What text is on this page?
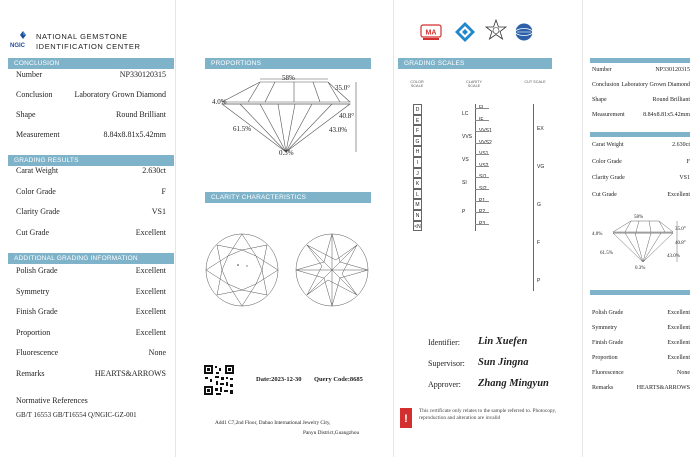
NGIC
NATIONAL GEMSTONE
IDENTIFICATION CENTER
CONCLUSION
Number	NP330120315
Conclusion	Laboratory Grown Diamond
Shape	Round Brilliant
Measurement	8.84x8.81x5.42mm
GRADING RESULTS
Carat Weight	2.630ct
Color Grade	F
Clarity Grade	VS1
Cut Grade	Excellent
ADDITIONAL GRADING INFORMATION
Polish Grade	Excellent
Symmetry	Excellent
Finish Grade	Excellent
Proportion	Excellent
Fluorescence	None
Remarks	HEARTS&ARROWS
Normative References
GB/T 16553 GB/T16554 Q/NGIC-GZ-001
PROPORTIONS
58%
35.0°
4.0%
40.8°
61.5%	43.0%
0.3%
CLARITY CHARACTERISTICS
Date:2023-12-30 Query Code:8685
Add1 C7,2nd Floor, Dahuo International Jewelry City,
Panyu District,Guangzhou
MA
GRADING SCALES
COLOR SCALE
CLARITY SCALE
CUT SCALE
D
E
F
G
H
I
J
K
L
M
N
<N
FL
IF
LC
VVS1
VVS2
VVS
VS1
VS2
VS
SI1
SI2
SI
P1
P2
P3
P
EX
VG
G
F
P
Identifier: Lin Xuefen
Supervisor: Sun Jingna
Approver: Zhang Mingyun
!
This certificate only relates to the sample referred to. Photocopy, reproduction and alteration are invalid
Number	NP330120315
Conclusion Laboratory Grown Diamond
Shape	Round Brilliant
Measurement	8.84x8.81x5.42mm
Carat Weight	2.630ct
Color Grade	F
Clarity Grade	VS1
Cut Grade	Excellent
58%
35.0°
4.0%
40.8°
61.5%
43.0%
0.3%
Polish Grade	Excellent
Symmetry	Excellent
Finish Grade	Excellent
Proportion	Excellent
Fluorescence	None
Remarks	HEARTS&ARROWS
